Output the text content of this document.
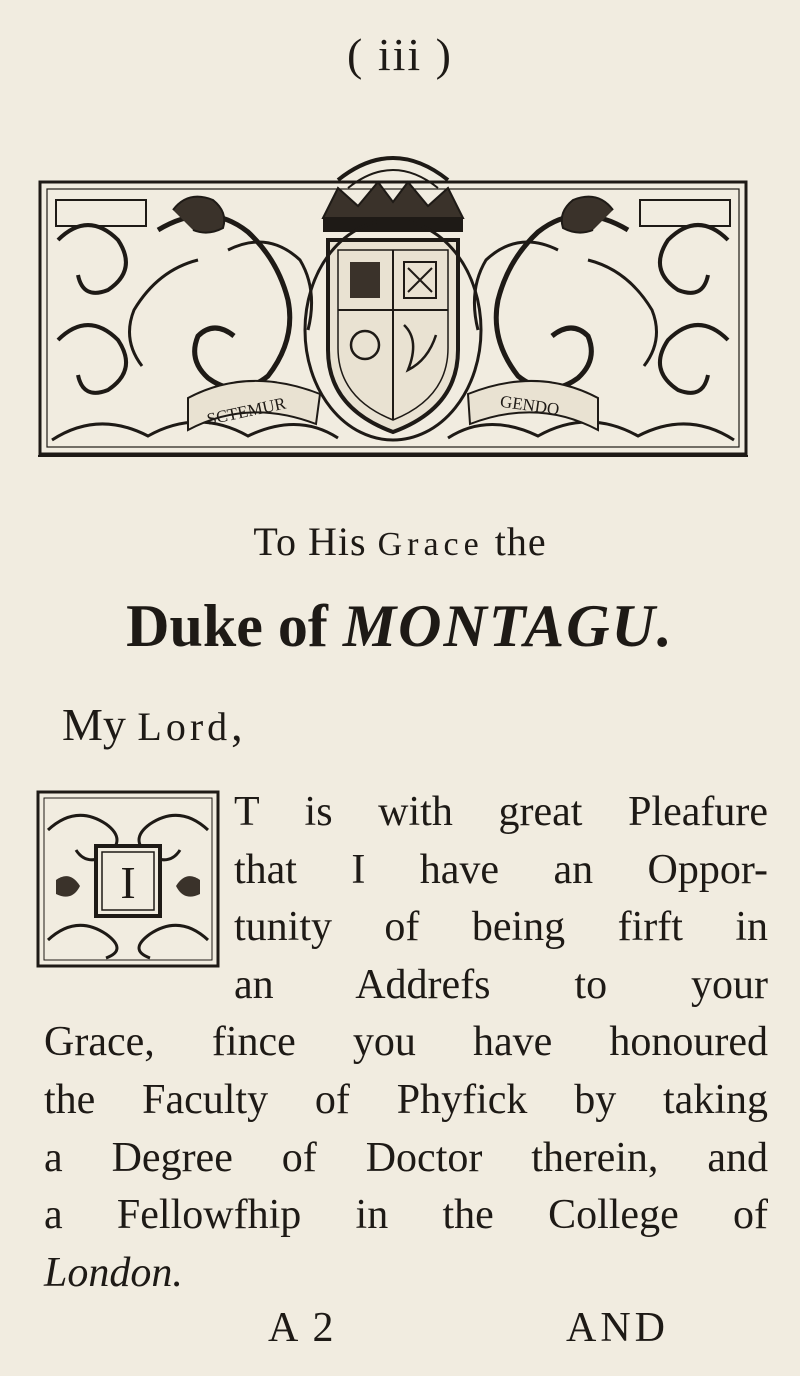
( iii )
SCTEMUR	GENDO
To His Grace the
Duke of MONTAGU.
My Lord,
I
T is with great Pleafure
that I have an Oppor-
tunity of being firft in
an Addrefs to your
Grace, fince you have honoured
the Faculty of Phyfick by taking
a Degree of Doctor therein, and
a Fellowfhip in the College of
London.
A 2	AND
